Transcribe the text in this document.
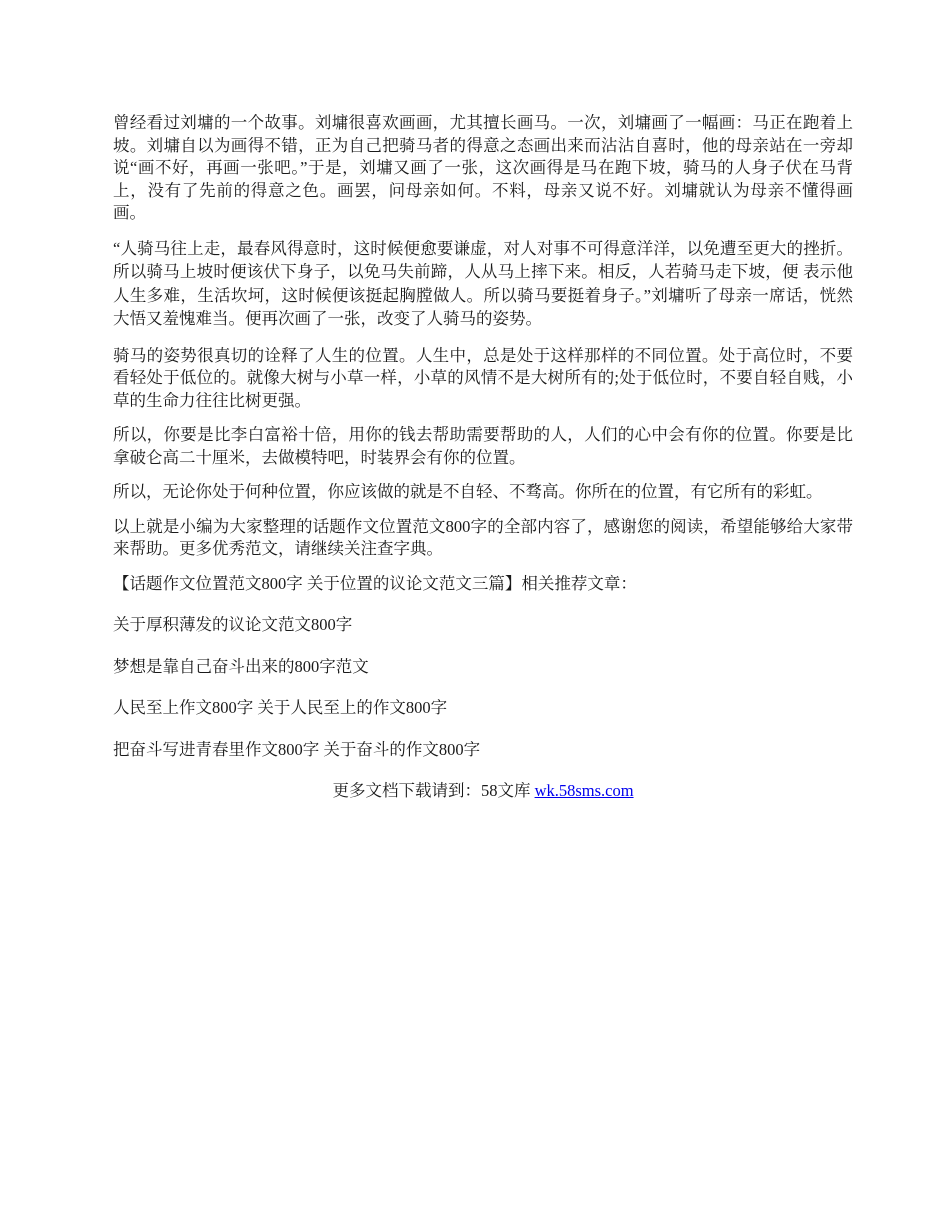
曾经看过刘墉的一个故事。刘墉很喜欢画画，尤其擅长画马。一次，刘墉画了一幅画：马正在跑着上坡。刘墉自以为画得不错，正为自己把骑马者的得意之态画出来而沾沾自喜时，他的母亲站在一旁却说“画不好，再画一张吧。”于是，刘墉又画了一张，这次画得是马在跑下坡，骑马的人身子伏在马背上，没有了先前的得意之色。画罢，问母亲如何。不料，母亲又说不好。刘墉就认为母亲不懂得画画。

“人骑马往上走，最春风得意时，这时候便愈要谦虚，对人对事不可得意洋洋，以免遭至更大的挫折。所以骑马上坡时便该伏下身子，以免马失前蹄，人从马上摔下来。相反，人若骑马走下坡，便 表示他人生多难，生活坎坷，这时候便该挺起胸膛做人。所以骑马要挺着身子。”刘墉听了母亲一席话，恍然大悟又羞愧难当。便再次画了一张，改变了人骑马的姿势。

骑马的姿势很真切的诠释了人生的位置。人生中，总是处于这样那样的不同位置。处于高位时，不要看轻处于低位的。就像大树与小草一样，小草的风情不是大树所有的;处于低位时，不要自轻自贱，小草的生命力往往比树更强。

所以，你要是比李白富裕十倍，用你的钱去帮助需要帮助的人，人们的心中会有你的位置。你要是比拿破仑高二十厘米，去做模特吧，时装界会有你的位置。

所以，无论你处于何种位置，你应该做的就是不自轻、不骛高。你所在的位置，有它所有的彩虹。

以上就是小编为大家整理的话题作文位置范文800字的全部内容了，感谢您的阅读，希望能够给大家带来帮助。更多优秀范文，请继续关注查字典。

【话题作文位置范文800字 关于位置的议论文范文三篇】相关推荐文章：

关于厚积薄发的议论文范文800字
梦想是靠自己奋斗出来的800字范文
人民至上作文800字 关于人民至上的作文800字
把奋斗写进青春里作文800字 关于奋斗的作文800字
更多文档下载请到：58文库 wk.58sms.com
